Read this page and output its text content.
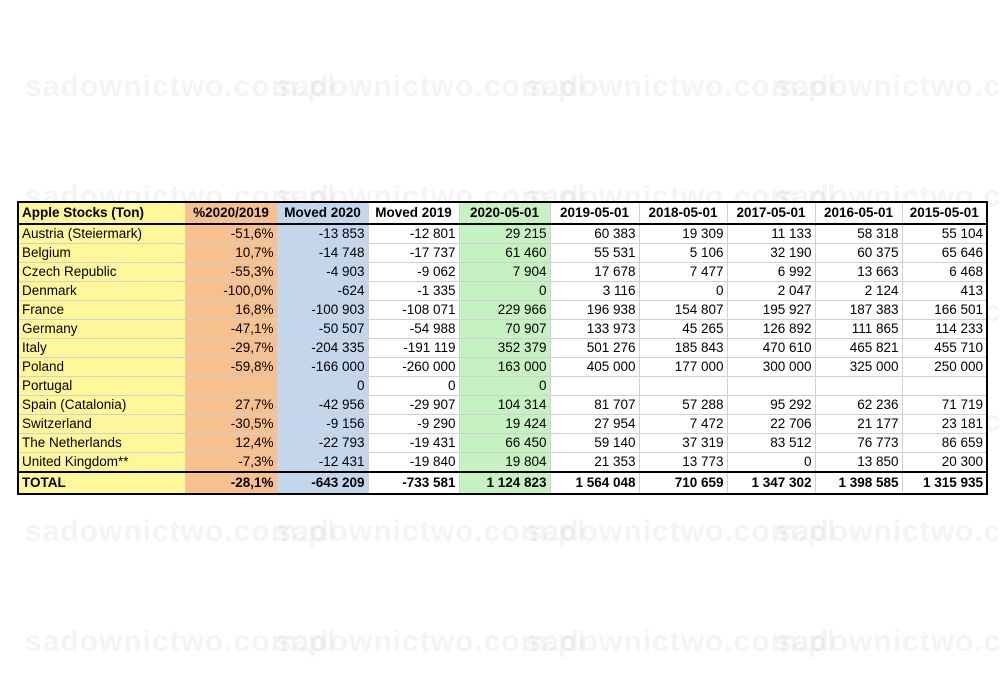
Apple Stocks (Ton)	%2020/2019	Moved 2020	Moved 2019	2020-05-01	2019-05-01	2018-05-01	2017-05-01	2016-05-01	2015-05-01
Austria (Steiermark)	-51,6%	-13 853	-12 801	29 215	60 383	19 309	11 133	58 318	55 104
Belgium	10,7%	-14 748	-17 737	61 460	55 531	5 106	32 190	60 375	65 646
Czech Republic	-55,3%	-4 903	-9 062	7 904	17 678	7 477	6 992	13 663	6 468
Denmark	-100,0%	-624	-1 335	0	3 116	0	2 047	2 124	413
France	16,8%	-100 903	-108 071	229 966	196 938	154 807	195 927	187 383	166 501
Germany	-47,1%	-50 507	-54 988	70 907	133 973	45 265	126 892	111 865	114 233
Italy	-29,7%	-204 335	-191 119	352 379	501 276	185 843	470 610	465 821	455 710
Poland	-59,8%	-166 000	-260 000	163 000	405 000	177 000	300 000	325 000	250 000
Portugal		0	0	0					
Spain (Catalonia)	27,7%	-42 956	-29 907	104 314	81 707	57 288	95 292	62 236	71 719
Switzerland	-30,5%	-9 156	-9 290	19 424	27 954	7 472	22 706	21 177	23 181
The Netherlands	12,4%	-22 793	-19 431	66 450	59 140	37 319	83 512	76 773	86 659
United Kingdom**	-7,3%	-12 431	-19 840	19 804	21 353	13 773	0	13 850	20 300
TOTAL	-28,1%	-643 209	-733 581	1 124 823	1 564 048	710 659	1 347 302	1 398 585	1 315 935
